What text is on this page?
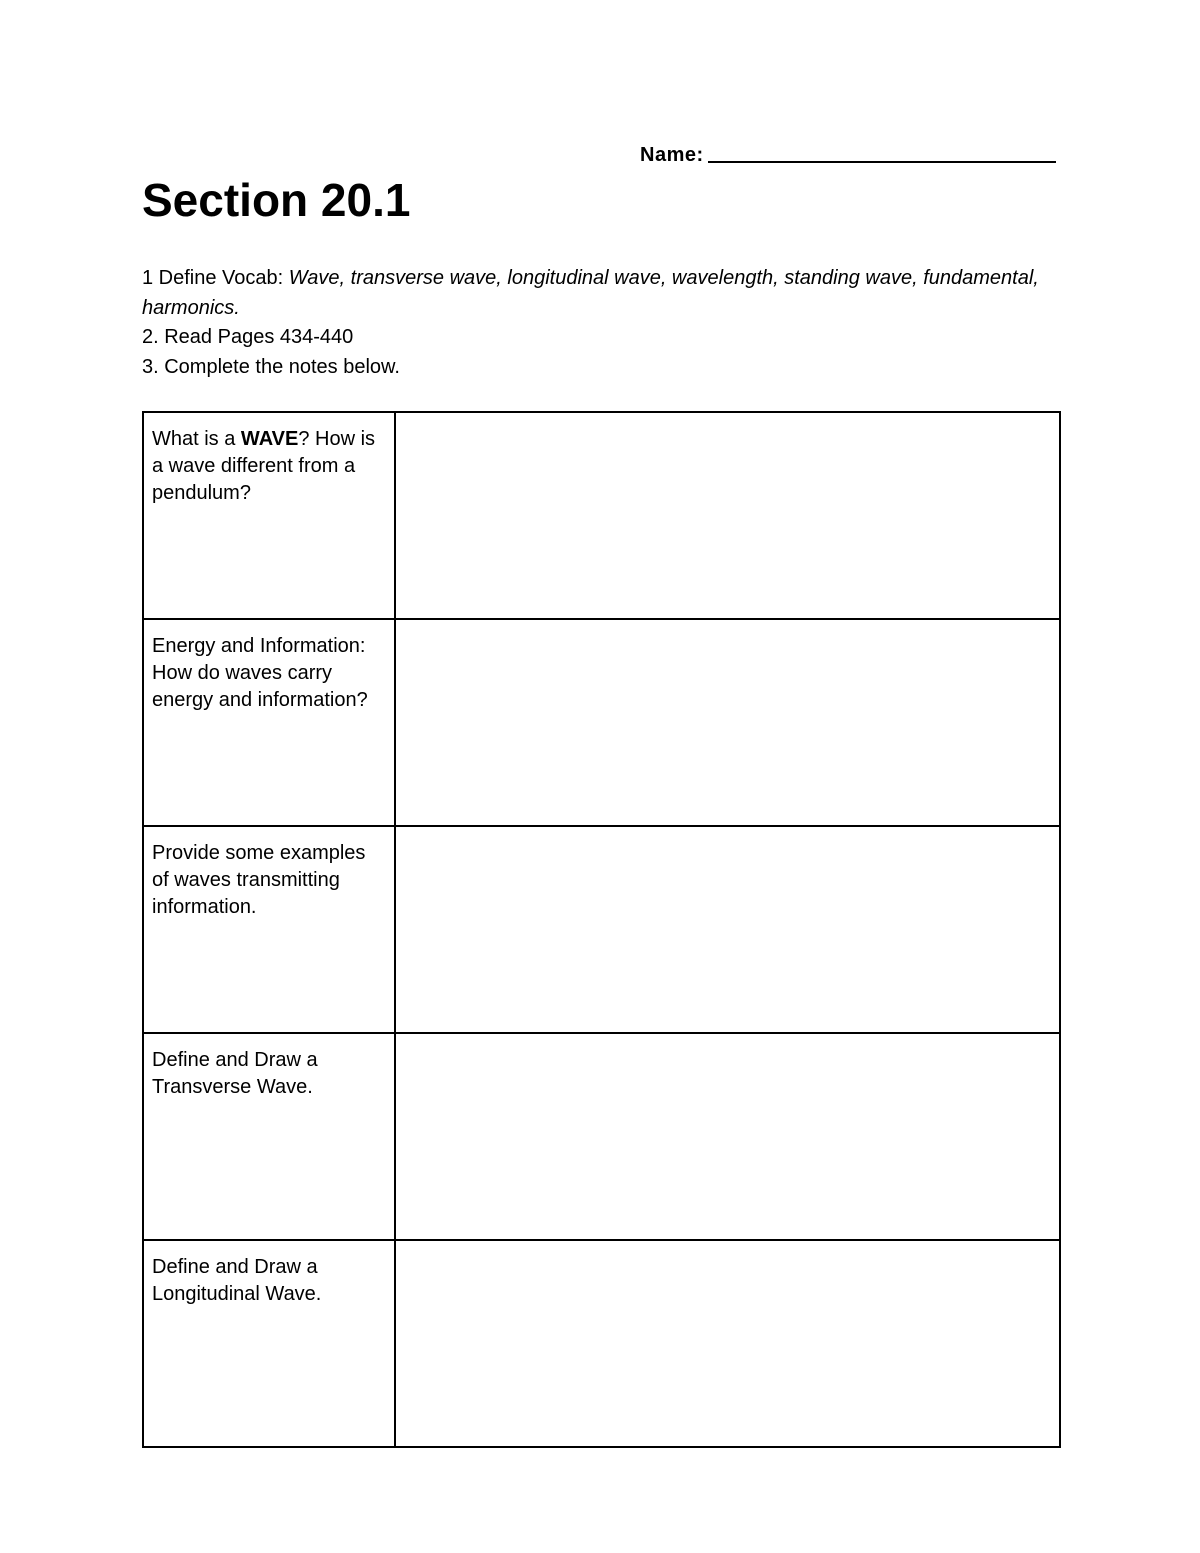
Name:
Section 20.1

1 Define Vocab: Wave, transverse wave, longitudinal wave, wavelength, standing wave, fundamental, harmonics.

2. Read Pages 434-440

3. Complete the notes below.

What is a WAVE? How is a wave different from a pendulum?	
Energy and Information: How do waves carry energy and information?	
Provide some examples of waves transmitting information.	
Define and Draw a Transverse Wave.	
Define and Draw a Longitudinal Wave.	
